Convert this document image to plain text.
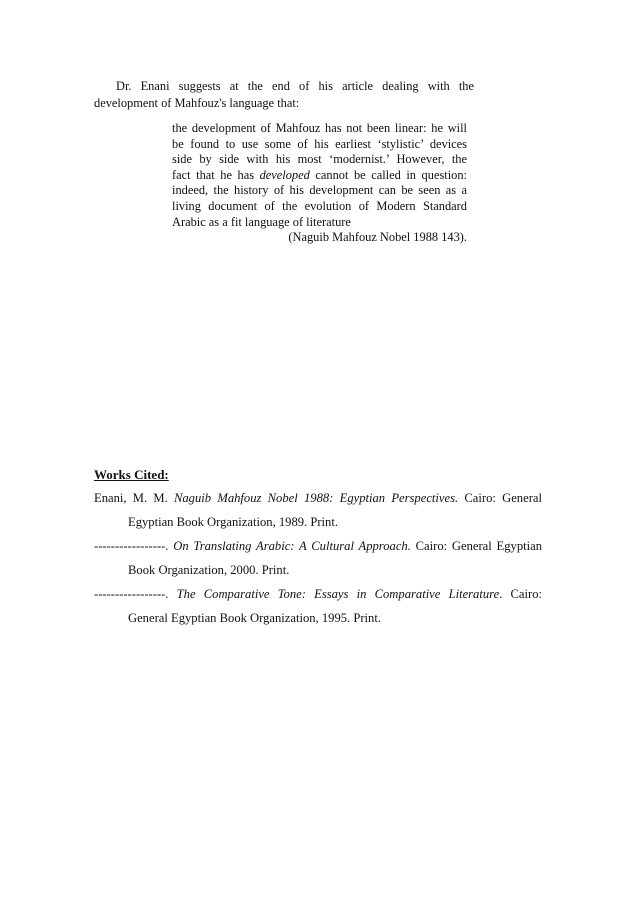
Dr. Enani suggests at the end of his article dealing with the development of Mahfouz's language that:

the development of Mahfouz has not been linear: he will
be found to use some of his earliest ‘stylistic’ devices
side by side with his most ‘modernist.’ However, the
fact that he has developed cannot be called in question:
indeed, the history of his development can be seen as a
living document of the evolution of Modern Standard
Arabic as a fit language of literature
(Naguib Mahfouz Nobel 1988 143).
Works Cited:
Enani, M. M. Naguib Mahfouz Nobel 1988: Egyptian Perspectives. Cairo: General
Egyptian Book Organization, 1989. Print.
-----------------. On Translating Arabic: A Cultural Approach. Cairo: General Egyptian
Book Organization, 2000. Print.
-----------------. The Comparative Tone: Essays in Comparative Literature. Cairo:
General Egyptian Book Organization, 1995. Print.
